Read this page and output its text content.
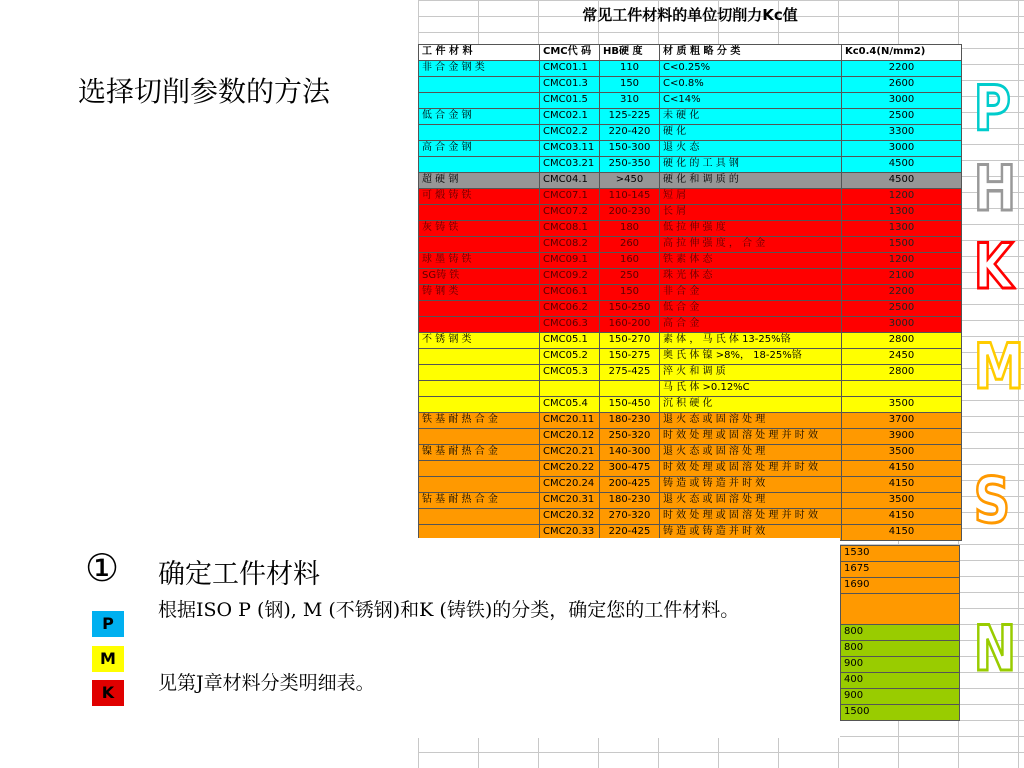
常见工件材料的单位切削力Kc值
工 件 材 料	CMC代 码	HB硬 度	材 质 粗 略 分 类	Kc0.4(N/mm2)
非 合 金 钢 类	CMC01.1	110	C<0.25%	2200
	CMC01.3	150	C<0.8%	2600
	CMC01.5	310	C<14%	3000
低 合 金 钢	CMC02.1	125-225	未 硬 化	2500
	CMC02.2	220-420	硬 化	3300
高 合 金 钢	CMC03.11	150-300	退 火 态	3000
	CMC03.21	250-350	硬 化 的 工 具 钢	4500
超 硬 钢	CMC04.1	>450	硬 化 和 调 质 的	4500
可 煅 铸 铁	CMC07.1	110-145	短 屑	1200
	CMC07.2	200-230	长 屑	1300
灰 铸 铁	CMC08.1	180	低 拉 伸 强 度	1300
	CMC08.2	260	高 拉 伸 强 度 ， 合 金	1500
球 墨 铸 铁	CMC09.1	160	铁 素 体 态	1200
SG铸 铁	CMC09.2	250	珠 光 体 态	2100
铸 钢 类	CMC06.1	150	非 合 金	2200
	CMC06.2	150-250	低 合 金	2500
	CMC06.3	160-200	高 合 金	3000
不 锈 钢 类	CMC05.1	150-270	素 体 ， 马 氏 体 13-25%铬	2800
	CMC05.2	150-275	奥 氏 体 镍 >8%， 18-25%铬	2450
	CMC05.3	275-425	淬 火 和 调 质	2800
			马 氏 体 >0.12%C	
	CMC05.4	150-450	沉 积 硬 化	3500
铁 基 耐 热 合 金	CMC20.11	180-230	退 火 态 或 固 溶 处 理	3700
	CMC20.12	250-320	时 效 处 理 或 固 溶 处 理 并 时 效	3900
镍 基 耐 热 合 金	CMC20.21	140-300	退 火 态 或 固 溶 处 理	3500
	CMC20.22	300-475	时 效 处 理 或 固 溶 处 理 并 时 效	4150
	CMC20.24	200-425	铸 造 或 铸 造 并 时 效	4150
钴 基 耐 热 合 金	CMC20.31	180-230	退 火 态 或 固 溶 处 理	3500
	CMC20.32	270-320	时 效 处 理 或 固 溶 处 理 并 时 效	4150
	CMC20.33	220-425	铸 造 或 铸 造 并 时 效	4150
P
H
K
M
S
N
选择切削参数的方法
1530
1675
1690

800
800
900
400
900
1500
① 确定工件材料
根据ISO P (钢), M (不锈钢)和K (铸铁)的分类，确定您的工件材料。
见第J章材料分类明细表。
P
M
K
